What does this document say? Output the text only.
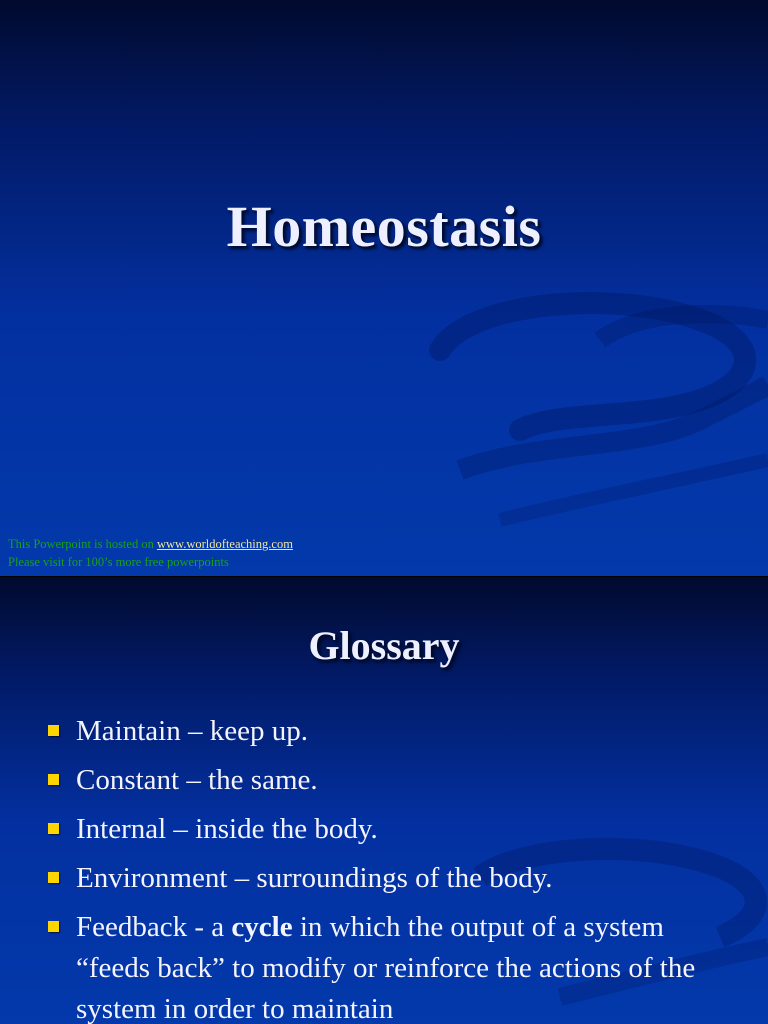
Homeostasis
This Powerpoint is hosted on www.worldofteaching.com
Please visit for 100’s more free powerpoints
Glossary
Maintain – keep up.
Constant – the same.
Internal – inside the body.
Environment – surroundings of the body.
Feedback - a cycle in which the output of a system “feeds back” to modify or reinforce the actions of the system in order to maintain
